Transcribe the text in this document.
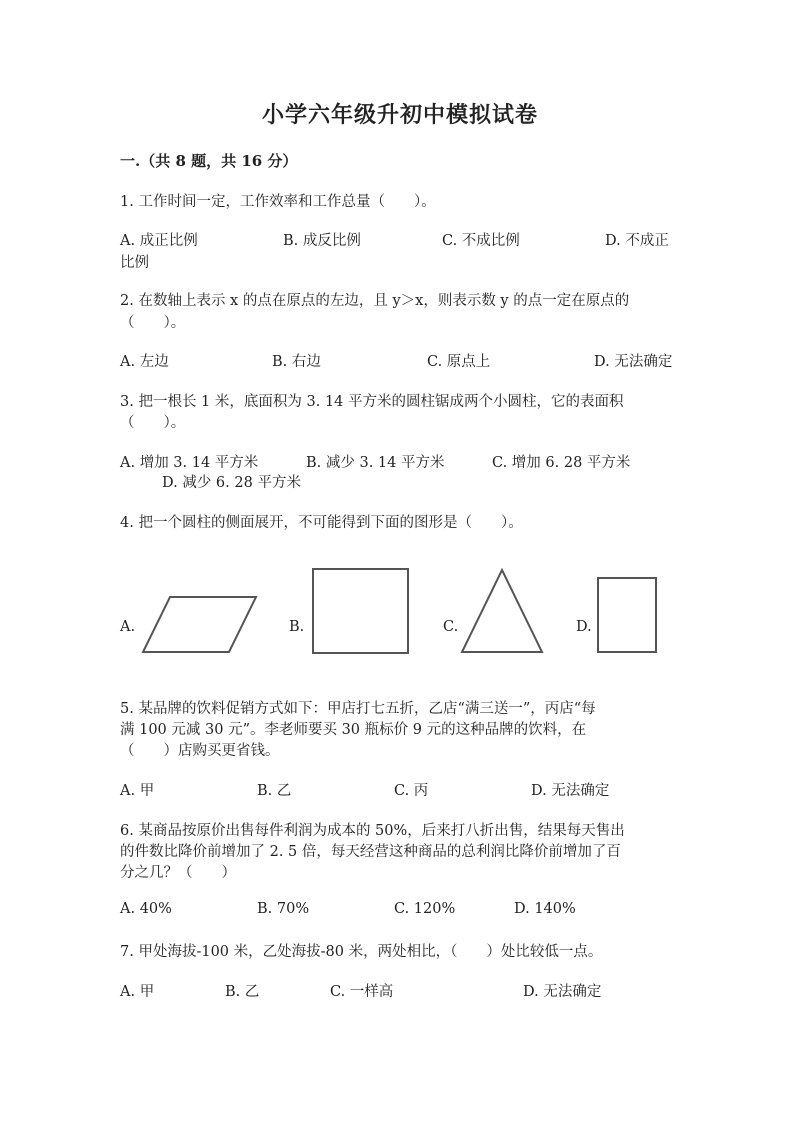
小学六年级升初中模拟试卷
一.（共 8 题，共 16 分）
1. 工作时间一定，工作效率和工作总量（　　）。
A. 成正比例	B. 成反比例	C. 不成比例	D. 不成正
比例
2. 在数轴上表示 x 的点在原点的左边，且 y＞x，则表示数 y 的点一定在原点的
（　　）。
A. 左边	B. 右边	C. 原点上	D. 无法确定
3. 把一根长 1 米，底面积为 3. 14 平方米的圆柱锯成两个小圆柱，它的表面积
（　　）。
A. 增加 3. 14 平方米	B. 减少 3. 14 平方米	C. 增加 6. 28 平方米
D. 减少 6. 28 平方米
4. 把一个圆柱的侧面展开，不可能得到下面的图形是（　　）。
A.	B.	C.	D.
5. 某品牌的饮料促销方式如下：甲店打七五折，乙店“满三送一”，丙店“每
满 100 元减 30 元”。李老师要买 30 瓶标价 9 元的这种品牌的饮料，在
（　　）店购买更省钱。
A. 甲	B. 乙	C. 丙	D. 无法确定
6. 某商品按原价出售每件利润为成本的 50%，后来打八折出售，结果每天售出
的件数比降价前增加了 2. 5 倍，每天经营这种商品的总利润比降价前增加了百
分之几？（　　）
A. 40%	B. 70%	C. 120%	D. 140%
7. 甲处海拔-100 米，乙处海拔-80 米，两处相比，（　　）处比较低一点。
A. 甲	B. 乙	C. 一样高	D. 无法确定
